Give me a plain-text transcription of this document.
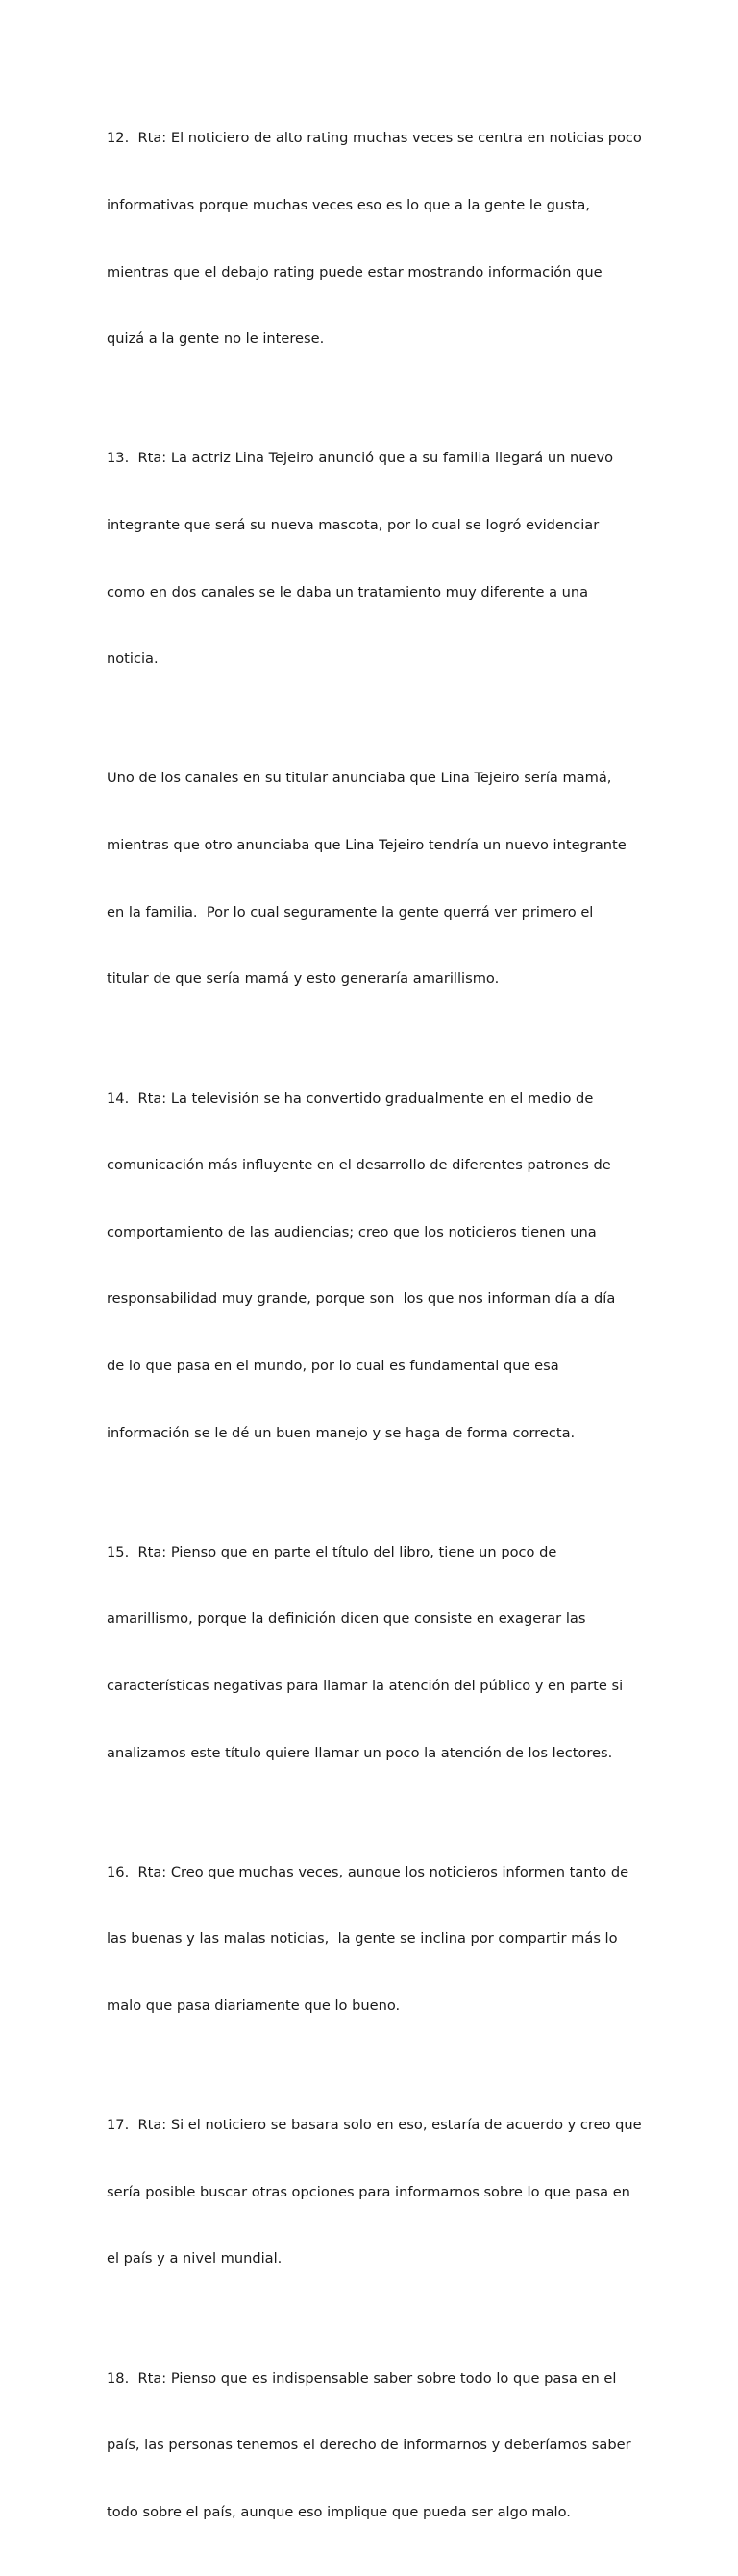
12.  Rta: El noticiero de alto rating muchas veces se centra en noticias poco

informativas porque muchas veces eso es lo que a la gente le gusta,

mientras que el debajo rating puede estar mostrando información que

quizá a la gente no le interese.

13.  Rta: La actriz Lina Tejeiro anunció que a su familia llegará un nuevo

integrante que será su nueva mascota, por lo cual se logró evidenciar

como en dos canales se le daba un tratamiento muy diferente a una

noticia.

Uno de los canales en su titular anunciaba que Lina Tejeiro sería mamá,

mientras que otro anunciaba que Lina Tejeiro tendría un nuevo integrante

en la familia.  Por lo cual seguramente la gente querrá ver primero el

titular de que sería mamá y esto generaría amarillismo.

14.  Rta: La televisión se ha convertido gradualmente en el medio de

comunicación más influyente en el desarrollo de diferentes patrones de

comportamiento de las audiencias; creo que los noticieros tienen una

responsabilidad muy grande, porque son  los que nos informan día a día

de lo que pasa en el mundo, por lo cual es fundamental que esa

información se le dé un buen manejo y se haga de forma correcta.

15.  Rta: Pienso que en parte el título del libro, tiene un poco de

amarillismo, porque la definición dicen que consiste en exagerar las

características negativas para llamar la atención del público y en parte si

analizamos este título quiere llamar un poco la atención de los lectores.

16.  Rta: Creo que muchas veces, aunque los noticieros informen tanto de

las buenas y las malas noticias,  la gente se inclina por compartir más lo

malo que pasa diariamente que lo bueno.

17.  Rta: Si el noticiero se basara solo en eso, estaría de acuerdo y creo que

sería posible buscar otras opciones para informarnos sobre lo que pasa en

el país y a nivel mundial.

18.  Rta: Pienso que es indispensable saber sobre todo lo que pasa en el

país, las personas tenemos el derecho de informarnos y deberíamos saber

todo sobre el país, aunque eso implique que pueda ser algo malo.
